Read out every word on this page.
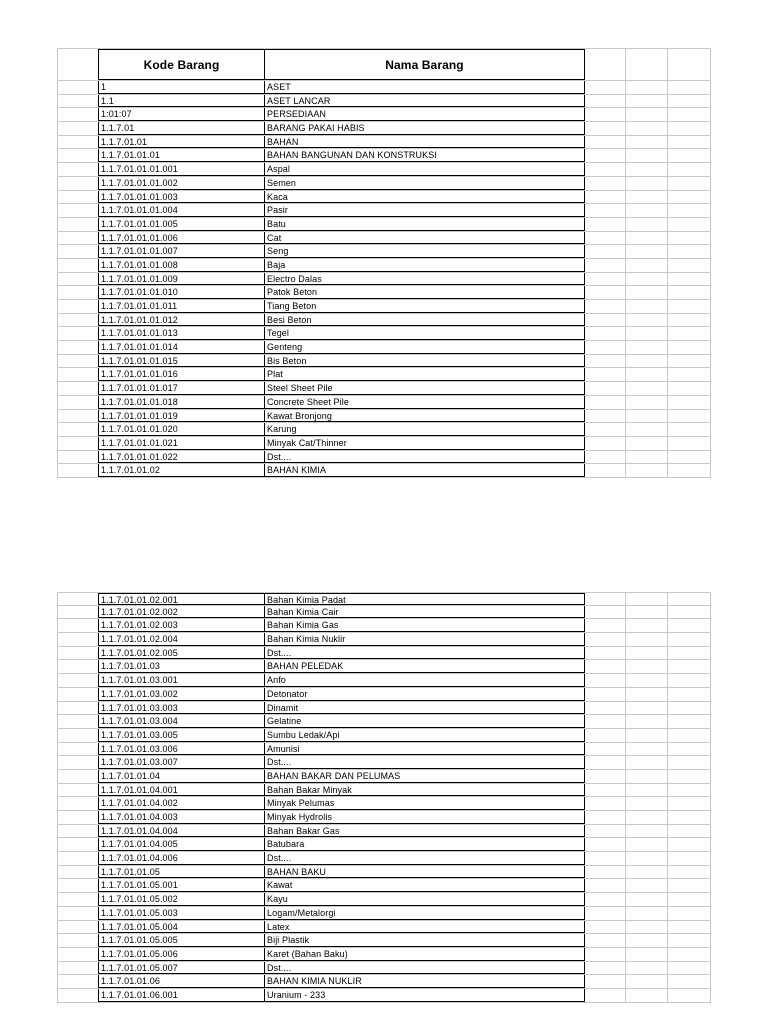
Kode Barang	Nama Barang
1	ASET
1.1	ASET LANCAR
1:01:07	PERSEDIAAN
1.1.7.01	BARANG PAKAI HABIS
1.1.7.01.01	BAHAN
1.1.7.01.01.01	BAHAN BANGUNAN DAN KONSTRUKSI
1.1.7.01.01.01.001	Aspal
1.1.7.01.01.01.002	Semen
1.1.7.01.01.01.003	Kaca
1.1.7.01.01.01.004	Pasir
1.1.7.01.01.01.005	Batu
1.1.7.01.01.01.006	Cat
1.1.7.01.01.01.007	Seng
1.1.7.01.01.01.008	Baja
1.1.7.01.01.01.009	Electro Dalas
1.1.7.01.01.01.010	Patok Beton
1.1.7.01.01.01.011	Tiang Beton
1.1.7.01.01.01.012	Besi Beton
1.1.7.01.01.01.013	Tegel
1.1.7.01.01.01.014	Genteng
1.1.7.01.01.01.015	Bis Beton
1.1.7.01.01.01.016	Plat
1.1.7.01.01.01.017	Steel Sheet Pile
1.1.7.01.01.01.018	Concrete Sheet Pile
1.1.7.01.01.01.019	Kawat Bronjong
1.1.7.01.01.01.020	Karung
1.1.7.01.01.01.021	Minyak Cat/Thinner
1.1.7.01.01.01.022	Dst....
1.1.7.01.01.02	BAHAN KIMIA
1.1.7.01.01.02.001	Bahan Kimia Padat
1.1.7.01.01.02.002	Bahan Kimia Cair
1.1.7.01.01.02.003	Bahan Kimia Gas
1.1.7.01.01.02.004	Bahan Kimia Nuklir
1.1.7.01.01.02.005	Dst....
1.1.7.01.01.03	BAHAN PELEDAK
1.1.7.01.01.03.001	Anfo
1.1.7.01.01.03.002	Detonator
1.1.7.01.01.03.003	Dinamit
1.1.7.01.01.03.004	Gelatine
1.1.7.01.01.03.005	Sumbu Ledak/Api
1.1.7.01.01.03.006	Amunisi
1.1.7.01.01.03.007	Dst....
1.1.7.01.01.04	BAHAN BAKAR DAN PELUMAS
1.1.7.01.01.04.001	Bahan Bakar Minyak
1.1.7.01.01.04.002	Minyak Pelumas
1.1.7.01.01.04.003	Minyak Hydrolis
1.1.7.01.01.04.004	Bahan Bakar Gas
1.1.7.01.01.04.005	Batubara
1.1.7.01.01.04.006	Dst....
1.1.7.01.01.05	BAHAN BAKU
1.1.7.01.01.05.001	Kawat
1.1.7.01.01.05.002	Kayu
1.1.7.01.01.05.003	Logam/Metalorgi
1.1.7.01.01.05.004	Latex
1.1.7.01.01.05.005	Biji Plastik
1.1.7.01.01.05.006	Karet (Bahan Baku)
1.1.7.01.01.05.007	Dst....
1.1.7.01.01.06	BAHAN KIMIA NUKLIR
1.1.7.01.01.06.001	Uranium - 233
